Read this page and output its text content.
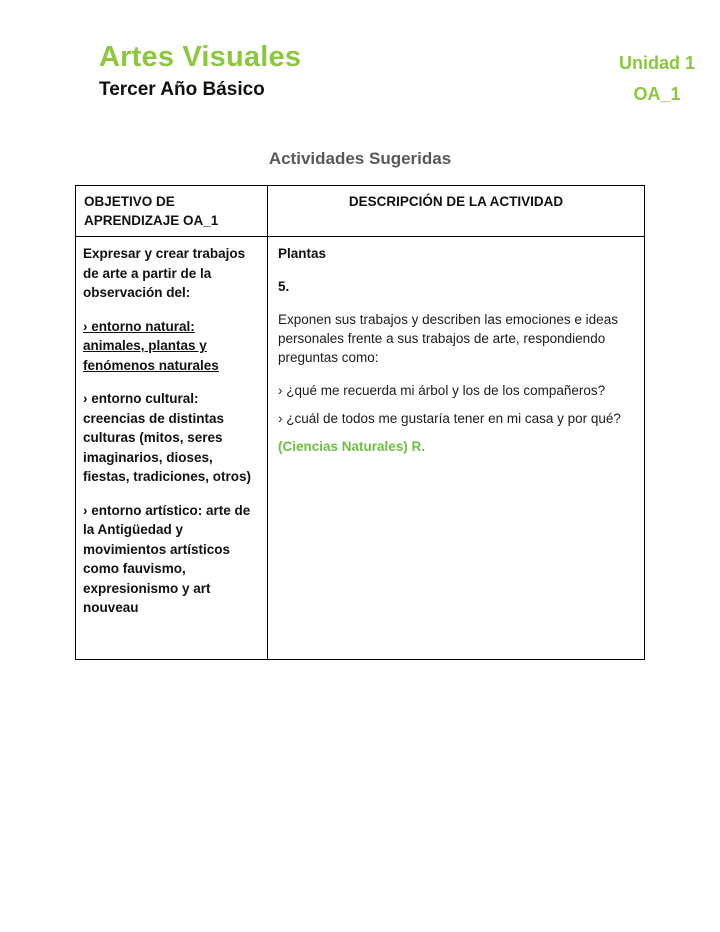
Artes Visuales
Tercer Año Básico
Unidad 1
OA_1
Actividades Sugeridas
OBJETIVO DE APRENDIZAJE OA_1
DESCRIPCIÓN DE LA ACTIVIDAD

Expresar y crear trabajos de arte a partir de la observación del:

› entorno natural: animales, plantas y fenómenos naturales

› entorno cultural: creencias de distintas culturas (mitos, seres imaginarios, dioses, fiestas, tradiciones, otros)

› entorno artístico: arte de la Antigüedad y movimientos artísticos como fauvismo, expresionismo y art nouveau

Plantas
5.
Exponen sus trabajos y describen las emociones e ideas personales frente a sus trabajos de arte, respondiendo preguntas como:
› ¿qué me recuerda mi árbol y los de los compañeros?
› ¿cuál de todos me gustaría tener en mi casa y por qué?
(Ciencias Naturales) R.
